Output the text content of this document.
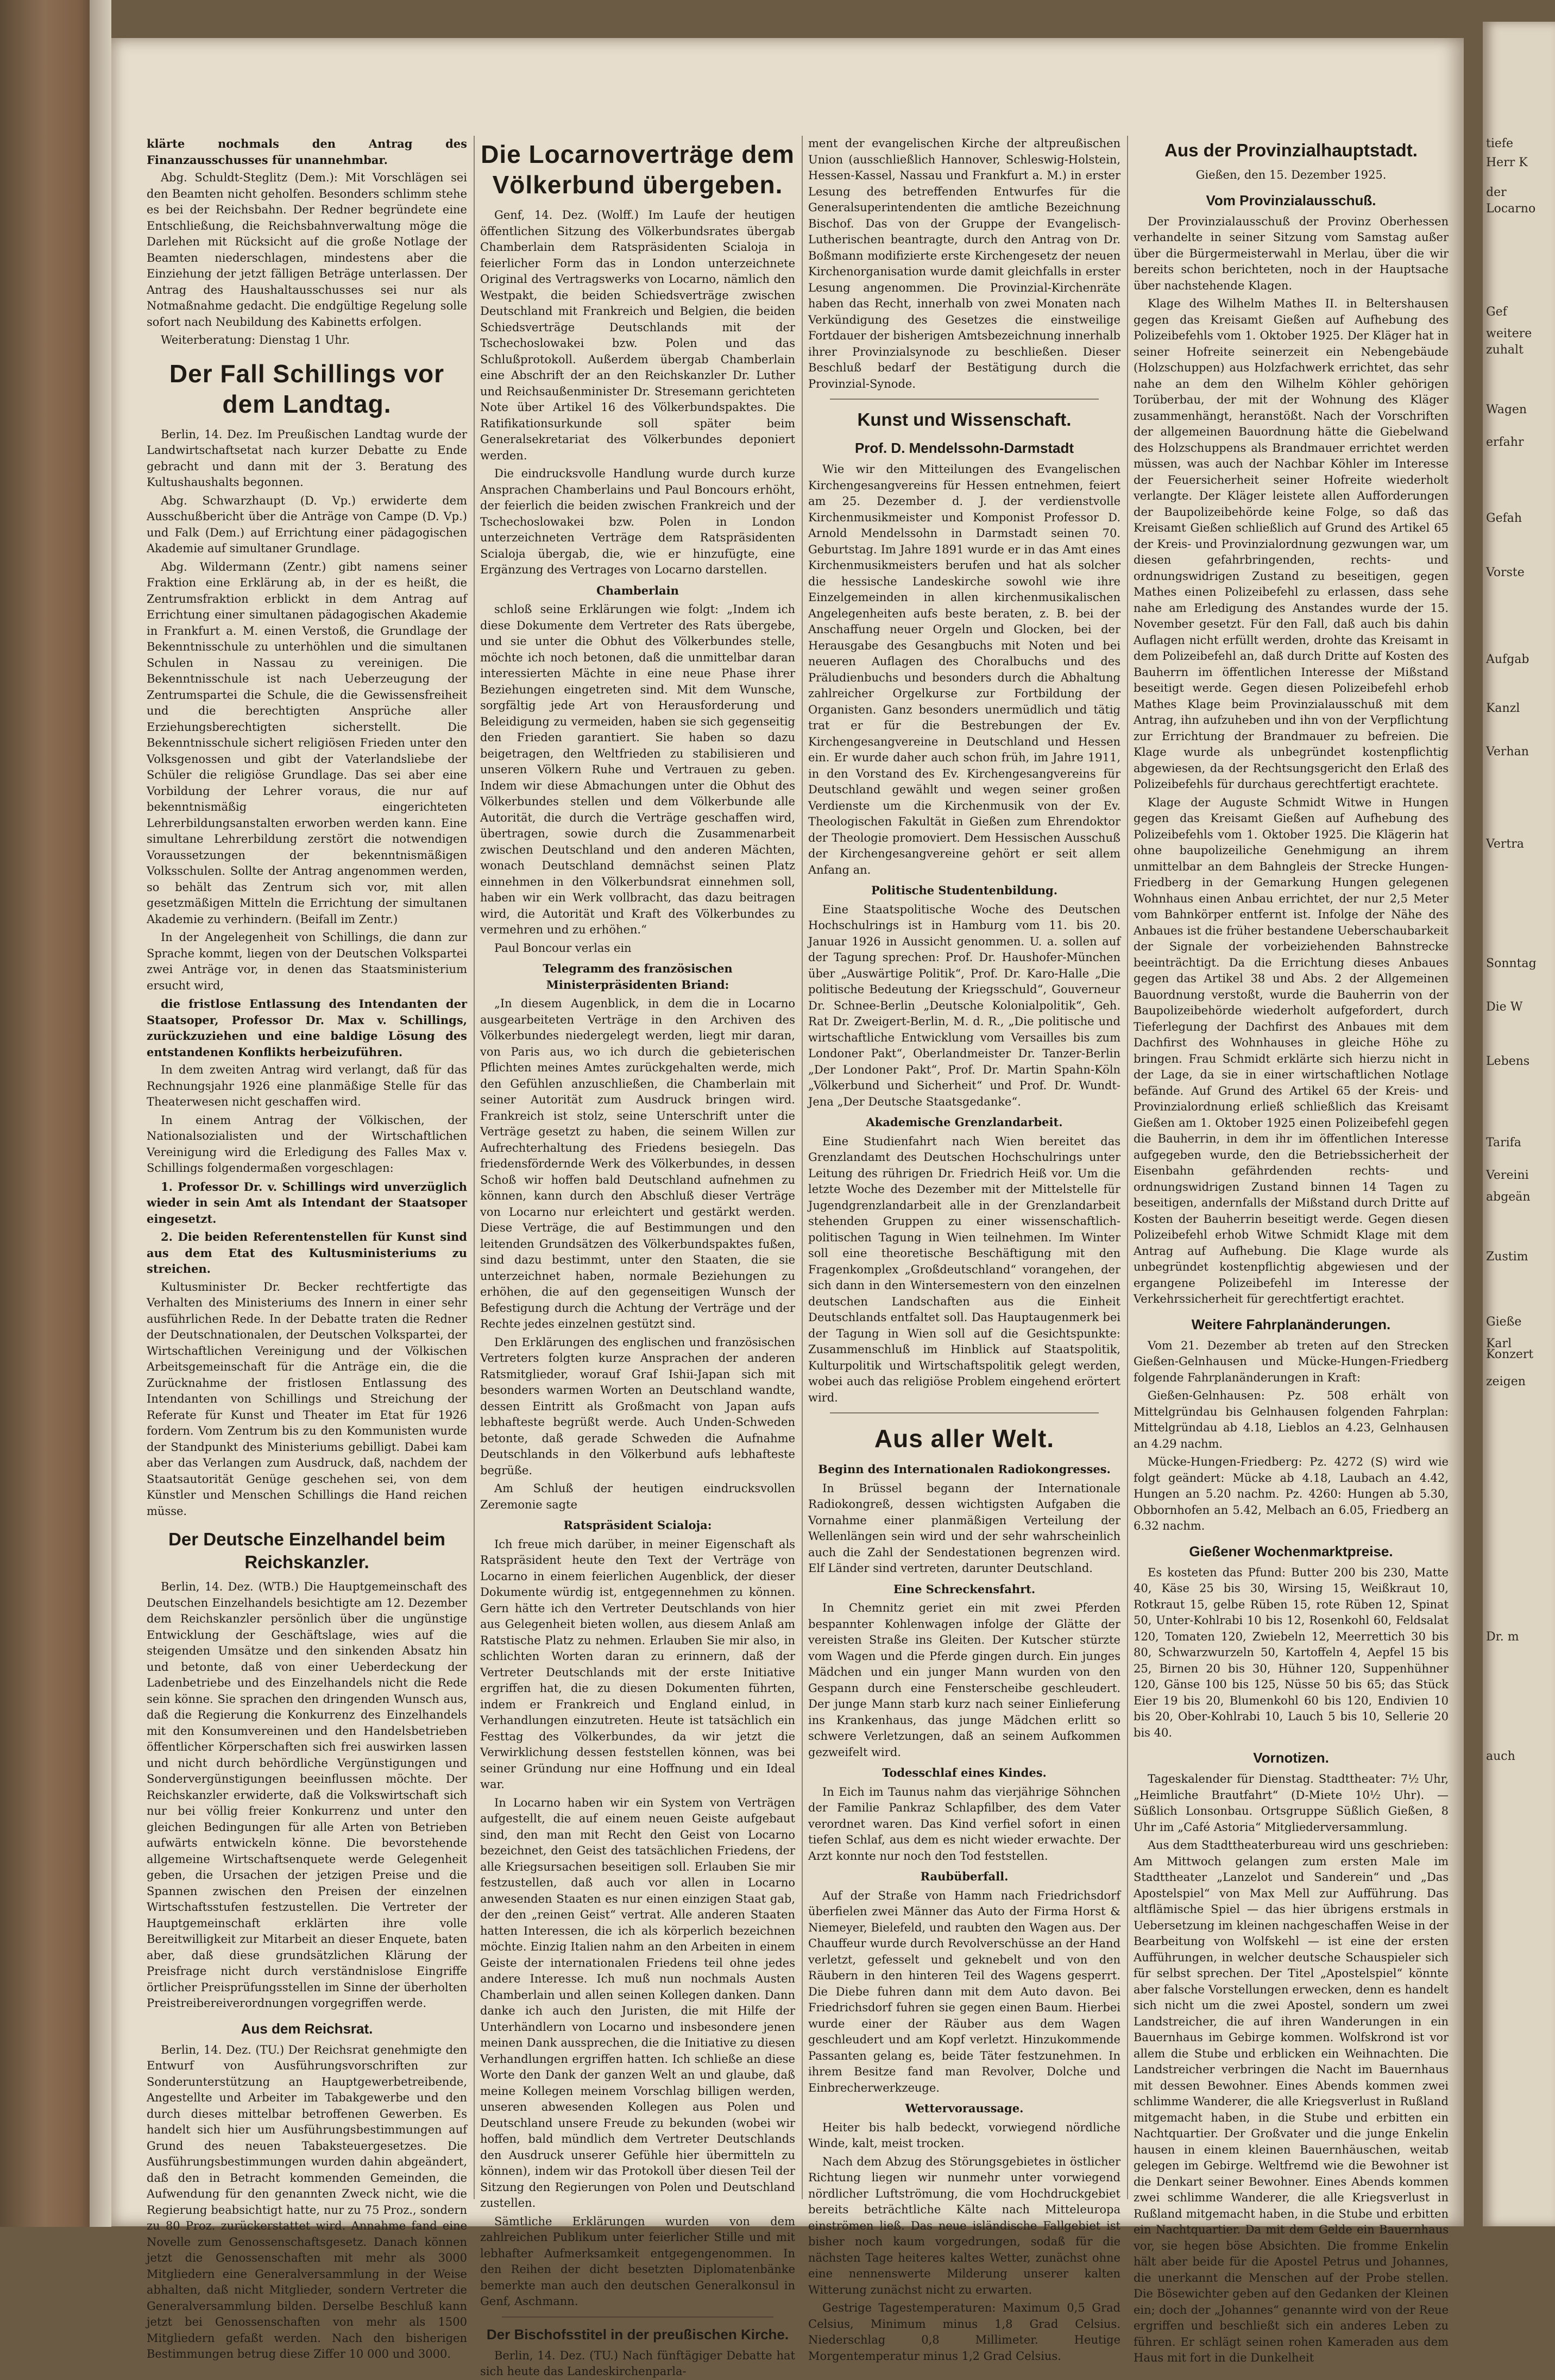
klärte nochmals den Antrag des Finanzausschusses für unannehmbar.

Abg. Schuldt-Steglitz (Dem.): Mit Vorschlägen sei den Beamten nicht geholfen. Besonders schlimm stehe es bei der Reichsbahn. Der Redner begründete eine Entschließung, die Reichsbahnverwaltung möge die Darlehen mit Rücksicht auf die große Notlage der Beamten niederschlagen, mindestens aber die Einziehung der jetzt fälligen Beträge unterlassen. Der Antrag des Haushaltausschusses sei nur als Notmaßnahme gedacht. Die endgültige Regelung solle sofort nach Neubildung des Kabinetts erfolgen.

Weiterberatung: Dienstag 1 Uhr.

Der Fall Schillings vor dem Landtag.

Berlin, 14. Dez. Im Preußischen Landtag wurde der Landwirtschaftsetat nach kurzer Debatte zu Ende gebracht und dann mit der 3. Beratung des Kultushaushalts begonnen.

Abg. Schwarzhaupt (D. Vp.) erwiderte dem Ausschußbericht über die Anträge von Campe (D. Vp.) und Falk (Dem.) auf Errichtung einer pädagogischen Akademie auf simultaner Grundlage.

Abg. Wildermann (Zentr.) gibt namens seiner Fraktion eine Erklärung ab, in der es heißt, die Zentrumsfraktion erblickt in dem Antrag auf Errichtung einer simultanen pädagogischen Akademie in Frankfurt a. M. einen Verstoß, die Grundlage der Bekenntnisschule zu unterhöhlen und die simultanen Schulen in Nassau zu vereinigen. Die Bekenntnisschule ist nach Ueberzeugung der Zentrumspartei die Schule, die die Gewissensfreiheit und die berechtigten Ansprüche aller Erziehungsberechtigten sicherstellt. Die Bekenntnisschule sichert religiösen Frieden unter den Volksgenossen und gibt der Vaterlandsliebe der Schüler die religiöse Grundlage. Das sei aber eine Vorbildung der Lehrer voraus, die nur auf bekenntnismäßig eingerichteten Lehrerbildungsanstalten erworben werden kann. Eine simultane Lehrerbildung zerstört die notwendigen Voraussetzungen der bekenntnismäßigen Volksschulen. Sollte der Antrag angenommen werden, so behält das Zentrum sich vor, mit allen gesetzmäßigen Mitteln die Errichtung der simultanen Akademie zu verhindern. (Beifall im Zentr.)

In der Angelegenheit von Schillings, die dann zur Sprache kommt, liegen von der Deutschen Volkspartei zwei Anträge vor, in denen das Staatsministerium ersucht wird,

die fristlose Entlassung des Intendanten der Staatsoper, Professor Dr. Max v. Schillings, zurückzuziehen und eine baldige Lösung des entstandenen Konflikts herbeizuführen.

In dem zweiten Antrag wird verlangt, daß für das Rechnungsjahr 1926 eine planmäßige Stelle für das Theaterwesen nicht geschaffen wird.

In einem Antrag der Völkischen, der Nationalsozialisten und der Wirtschaftlichen Vereinigung wird die Erledigung des Falles Max v. Schillings folgendermaßen vorgeschlagen:

1. Professor Dr. v. Schillings wird unverzüglich wieder in sein Amt als Intendant der Staatsoper eingesetzt.

2. Die beiden Referentenstellen für Kunst sind aus dem Etat des Kultusministeriums zu streichen.

Kultusminister Dr. Becker rechtfertigte das Verhalten des Ministeriums des Innern in einer sehr ausführlichen Rede. In der Debatte traten die Redner der Deutschnationalen, der Deutschen Volkspartei, der Wirtschaftlichen Vereinigung und der Völkischen Arbeitsgemeinschaft für die Anträge ein, die die Zurücknahme der fristlosen Entlassung des Intendanten von Schillings und Streichung der Referate für Kunst und Theater im Etat für 1926 fordern. Vom Zentrum bis zu den Kommunisten wurde der Standpunkt des Ministeriums gebilligt. Dabei kam aber das Verlangen zum Ausdruck, daß, nachdem der Staatsautorität Genüge geschehen sei, von dem Künstler und Menschen Schillings die Hand reichen müsse.

Der Deutsche Einzelhandel beim Reichskanzler.

Berlin, 14. Dez. (WTB.) Die Hauptgemeinschaft des Deutschen Einzelhandels besichtigte am 12. Dezember dem Reichskanzler persönlich über die ungünstige Entwicklung der Geschäftslage, wies auf die steigenden Umsätze und den sinkenden Absatz hin und betonte, daß von einer Ueberdeckung der Ladenbetriebe und des Einzelhandels nicht die Rede sein könne. Sie sprachen den dringenden Wunsch aus, daß die Regierung die Konkurrenz des Einzelhandels mit den Konsumvereinen und den Handelsbetrieben öffentlicher Körperschaften sich frei auswirken lassen und nicht durch behördliche Vergünstigungen und Sondervergünstigungen beeinflussen möchte. Der Reichskanzler erwiderte, daß die Volkswirtschaft sich nur bei völlig freier Konkurrenz und unter den gleichen Bedingungen für alle Arten von Betrieben aufwärts entwickeln könne. Die bevorstehende allgemeine Wirtschaftsenquete werde Gelegenheit geben, die Ursachen der jetzigen Preise und die Spannen zwischen den Preisen der einzelnen Wirtschaftsstufen festzustellen. Die Vertreter der Hauptgemeinschaft erklärten ihre volle Bereitwilligkeit zur Mitarbeit an dieser Enquete, baten aber, daß diese grundsätzlichen Klärung der Preisfrage nicht durch verständnislose Eingriffe örtlicher Preisprüfungsstellen im Sinne der überholten Preistreibereiverordnungen vorgegriffen werde.

Aus dem Reichsrat.

Berlin, 14. Dez. (TU.) Der Reichsrat genehmigte den Entwurf von Ausführungsvorschriften zur Sonderunterstützung an Hauptgewerbetreibende, Angestellte und Arbeiter im Tabakgewerbe und den durch dieses mittelbar betroffenen Gewerben. Es handelt sich hier um Ausführungsbestimmungen auf Grund des neuen Tabaksteuergesetzes. Die Ausführungsbestimmungen wurden dahin abgeändert, daß den in Betracht kommenden Gemeinden, die Aufwendung für den genannten Zweck nicht, wie die Regierung beabsichtigt hatte, nur zu 75 Proz., sondern zu 80 Proz. zurückerstattet wird. Annahme fand eine Novelle zum Genossenschaftsgesetz. Danach können jetzt die Genossenschaften mit mehr als 3000 Mitgliedern eine Generalversammlung in der Weise abhalten, daß nicht Mitglieder, sondern Vertreter die Generalversammlung bilden. Derselbe Beschluß kann jetzt bei Genossenschaften von mehr als 1500 Mitgliedern gefaßt werden. Nach den bisherigen Bestimmungen betrug diese Ziffer 10 000 und 3000.

Die Locarnoverträge dem Völkerbund übergeben.

Genf, 14. Dez. (Wolff.) Im Laufe der heutigen öffentlichen Sitzung des Völkerbundsrates übergab Chamberlain dem Ratspräsidenten Scialoja in feierlicher Form das in London unterzeichnete Original des Vertragswerks von Locarno, nämlich den Westpakt, die beiden Schiedsverträge zwischen Deutschland mit Frankreich und Belgien, die beiden Schiedsverträge Deutschlands mit der Tschechoslowakei bzw. Polen und das Schlußprotokoll. Außerdem übergab Chamberlain eine Abschrift der an den Reichskanzler Dr. Luther und Reichsaußenminister Dr. Stresemann gerichteten Note über Artikel 16 des Völkerbundspaktes. Die Ratifikationsurkunde soll später beim Generalsekretariat des Völkerbundes deponiert werden.

Die eindrucksvolle Handlung wurde durch kurze Ansprachen Chamberlains und Paul Boncours erhöht, der feierlich die beiden zwischen Frankreich und der Tschechoslowakei bzw. Polen in London unterzeichneten Verträge dem Ratspräsidenten Scialoja übergab, die, wie er hinzufügte, eine Ergänzung des Vertrages von Locarno darstellen.

Chamberlain

schloß seine Erklärungen wie folgt: „Indem ich diese Dokumente dem Vertreter des Rats übergebe, und sie unter die Obhut des Völkerbundes stelle, möchte ich noch betonen, daß die unmittelbar daran interessierten Mächte in eine neue Phase ihrer Beziehungen eingetreten sind. Mit dem Wunsche, sorgfältig jede Art von Herausforderung und Beleidigung zu vermeiden, haben sie sich gegenseitig den Frieden garantiert. Sie haben so dazu beigetragen, den Weltfrieden zu stabilisieren und unseren Völkern Ruhe und Vertrauen zu geben. Indem wir diese Abmachungen unter die Obhut des Völkerbundes stellen und dem Völkerbunde alle Autorität, die durch die Verträge geschaffen wird, übertragen, sowie durch die Zusammenarbeit zwischen Deutschland und den anderen Mächten, wonach Deutschland demnächst seinen Platz einnehmen in den Völkerbundsrat einnehmen soll, haben wir ein Werk vollbracht, das dazu beitragen wird, die Autorität und Kraft des Völkerbundes zu vermehren und zu erhöhen.“

Paul Boncour verlas ein

Telegramm des französischen Ministerpräsidenten Briand:

„In diesem Augenblick, in dem die in Locarno ausgearbeiteten Verträge in den Archiven des Völkerbundes niedergelegt werden, liegt mir daran, von Paris aus, wo ich durch die gebieterischen Pflichten meines Amtes zurückgehalten werde, mich den Gefühlen anzuschließen, die Chamberlain mit seiner Autorität zum Ausdruck bringen wird. Frankreich ist stolz, seine Unterschrift unter die Verträge gesetzt zu haben, die seinem Willen zur Aufrechterhaltung des Friedens besiegeln. Das friedensfördernde Werk des Völkerbundes, in dessen Schoß wir hoffen bald Deutschland aufnehmen zu können, kann durch den Abschluß dieser Verträge von Locarno nur erleichtert und gestärkt werden. Diese Verträge, die auf Bestimmungen und den leitenden Grundsätzen des Völkerbundspaktes fußen, sind dazu bestimmt, unter den Staaten, die sie unterzeichnet haben, normale Beziehungen zu erhöhen, die auf den gegenseitigen Wunsch der Befestigung durch die Achtung der Verträge und der Rechte jedes einzelnen gestützt sind.

Den Erklärungen des englischen und französischen Vertreters folgten kurze Ansprachen der anderen Ratsmitglieder, worauf Graf Ishii-Japan sich mit besonders warmen Worten an Deutschland wandte, dessen Eintritt als Großmacht von Japan aufs lebhafteste begrüßt werde. Auch Unden-Schweden betonte, daß gerade Schweden die Aufnahme Deutschlands in den Völkerbund aufs lebhafteste begrüße.

Am Schluß der heutigen eindrucksvollen Zeremonie sagte

Ratspräsident Scialoja:

Ich freue mich darüber, in meiner Eigenschaft als Ratspräsident heute den Text der Verträge von Locarno in einem feierlichen Augenblick, der dieser Dokumente würdig ist, entgegennehmen zu können. Gern hätte ich den Vertreter Deutschlands von hier aus Gelegenheit bieten wollen, aus diesem Anlaß am Ratstische Platz zu nehmen. Erlauben Sie mir also, in schlichten Worten daran zu erinnern, daß der Vertreter Deutschlands mit der erste Initiative ergriffen hat, die zu diesen Dokumenten führten, indem er Frankreich und England einlud, in Verhandlungen einzutreten. Heute ist tatsächlich ein Festtag des Völkerbundes, da wir jetzt die Verwirklichung dessen feststellen können, was bei seiner Gründung nur eine Hoffnung und ein Ideal war.

In Locarno haben wir ein System von Verträgen aufgestellt, die auf einem neuen Geiste aufgebaut sind, den man mit Recht den Geist von Locarno bezeichnet, den Geist des tatsächlichen Friedens, der alle Kriegsursachen beseitigen soll. Erlauben Sie mir festzustellen, daß auch vor allen in Locarno anwesenden Staaten es nur einen einzigen Staat gab, der den „reinen Geist“ vertrat. Alle anderen Staaten hatten Interessen, die ich als körperlich bezeichnen möchte. Einzig Italien nahm an den Arbeiten in einem Geiste der internationalen Friedens teil ohne jedes andere Interesse. Ich muß nun nochmals Austen Chamberlain und allen seinen Kollegen danken. Dann danke ich auch den Juristen, die mit Hilfe der Unterhändlern von Locarno und insbesondere jenen meinen Dank aussprechen, die die Initiative zu diesen Verhandlungen ergriffen hatten. Ich schließe an diese Worte den Dank der ganzen Welt an und glaube, daß meine Kollegen meinem Vorschlag billigen werden, unseren abwesenden Kollegen aus Polen und Deutschland unsere Freude zu bekunden (wobei wir hoffen, bald mündlich dem Vertreter Deutschlands den Ausdruck unserer Gefühle hier übermitteln zu können), indem wir das Protokoll über diesen Teil der Sitzung den Regierungen von Polen und Deutschland zustellen.

Sämtliche Erklärungen wurden von dem zahlreichen Publikum unter feierlicher Stille und mit lebhafter Aufmerksamkeit entgegengenommen. In den Reihen der dicht besetzten Diplomatenbänke bemerkte man auch den deutschen Generalkonsul in Genf, Aschmann.

Der Bischofsstitel in der preußischen Kirche.

Berlin, 14. Dez. (TU.) Nach fünftägiger Debatte hat sich heute das Landeskirchenparla-

ment der evangelischen Kirche der altpreußischen Union (ausschließlich Hannover, Schleswig-Holstein, Hessen-Kassel, Nassau und Frankfurt a. M.) in erster Lesung des betreffenden Entwurfes für die Generalsuperintendenten die amtliche Bezeichnung Bischof. Das von der Gruppe der Evangelisch-Lutherischen beantragte, durch den Antrag von Dr. Boßmann modifizierte erste Kirchengesetz der neuen Kirchenorganisation wurde damit gleichfalls in erster Lesung angenommen. Die Provinzial-Kirchenräte haben das Recht, innerhalb von zwei Monaten nach Verkündigung des Gesetzes die einstweilige Fortdauer der bisherigen Amtsbezeichnung innerhalb ihrer Provinzialsynode zu beschließen. Dieser Beschluß bedarf der Bestätigung durch die Provinzial-Synode.

Kunst und Wissenschaft.
Prof. D. Mendelssohn-Darmstadt

Wie wir den Mitteilungen des Evangelischen Kirchengesangvereins für Hessen entnehmen, feiert am 25. Dezember d. J. der verdienstvolle Kirchenmusikmeister und Komponist Professor D. Arnold Mendelssohn in Darmstadt seinen 70. Geburtstag. Im Jahre 1891 wurde er in das Amt eines Kirchenmusikmeisters berufen und hat als solcher die hessische Landeskirche sowohl wie ihre Einzelgemeinden in allen kirchenmusikalischen Angelegenheiten aufs beste beraten, z. B. bei der Anschaffung neuer Orgeln und Glocken, bei der Herausgabe des Gesangbuchs mit Noten und bei neueren Auflagen des Choralbuchs und des Präludienbuchs und besonders durch die Abhaltung zahlreicher Orgelkurse zur Fortbildung der Organisten. Ganz besonders unermüdlich und tätig trat er für die Bestrebungen der Ev. Kirchengesangvereine in Deutschland und Hessen ein. Er wurde daher auch schon früh, im Jahre 1911, in den Vorstand des Ev. Kirchengesangvereins für Deutschland gewählt und wegen seiner großen Verdienste um die Kirchenmusik von der Ev. Theologischen Fakultät in Gießen zum Ehrendoktor der Theologie promoviert. Dem Hessischen Ausschuß der Kirchengesangvereine gehört er seit allem Anfang an.

Politische Studentenbildung.

Eine Staatspolitische Woche des Deutschen Hochschulrings ist in Hamburg vom 11. bis 20. Januar 1926 in Aussicht genommen. U. a. sollen auf der Tagung sprechen: Prof. Dr. Haushofer-München über „Auswärtige Politik“, Prof. Dr. Karo-Halle „Die politische Bedeutung der Kriegsschuld“, Gouverneur Dr. Schnee-Berlin „Deutsche Kolonialpolitik“, Geh. Rat Dr. Zweigert-Berlin, M. d. R., „Die politische und wirtschaftliche Entwicklung vom Versailles bis zum Londoner Pakt“, Oberlandmeister Dr. Tanzer-Berlin „Der Londoner Pakt“, Prof. Dr. Martin Spahn-Köln „Völkerbund und Sicherheit“ und Prof. Dr. Wundt-Jena „Der Deutsche Staatsgedanke“.

Akademische Grenzlandarbeit.

Eine Studienfahrt nach Wien bereitet das Grenzlandamt des Deutschen Hochschulrings unter Leitung des rührigen Dr. Friedrich Heiß vor. Um die letzte Woche des Dezember mit der Mittelstelle für Jugendgrenzlandarbeit alle in der Grenzlandarbeit stehenden Gruppen zu einer wissenschaftlich-politischen Tagung in Wien teilnehmen. Im Winter soll eine theoretische Beschäftigung mit den Fragenkomplex „Großdeutschland“ vorangehen, der sich dann in den Wintersemestern von den einzelnen deutschen Landschaften aus die Einheit Deutschlands entfaltet soll. Das Hauptaugenmerk bei der Tagung in Wien soll auf die Gesichtspunkte: Zusammenschluß im Hinblick auf Staatspolitik, Kulturpolitik und Wirtschaftspolitik gelegt werden, wobei auch das religiöse Problem eingehend erörtert wird.

Aus aller Welt.
Beginn des Internationalen Radiokongresses.

In Brüssel begann der Internationale Radiokongreß, dessen wichtigsten Aufgaben die Vornahme einer planmäßigen Verteilung der Wellenlängen sein wird und der sehr wahrscheinlich auch die Zahl der Sendestationen begrenzen wird. Elf Länder sind vertreten, darunter Deutschland.

Eine Schreckensfahrt.

In Chemnitz geriet ein mit zwei Pferden bespannter Kohlenwagen infolge der Glätte der vereisten Straße ins Gleiten. Der Kutscher stürzte vom Wagen und die Pferde gingen durch. Ein junges Mädchen und ein junger Mann wurden von den Gespann durch eine Fensterscheibe geschleudert. Der junge Mann starb kurz nach seiner Einlieferung ins Krankenhaus, das junge Mädchen erlitt so schwere Verletzungen, daß an seinem Aufkommen gezweifelt wird.

Todesschlaf eines Kindes.

In Eich im Taunus nahm das vierjährige Söhnchen der Familie Pankraz Schlapfilber, des dem Vater verordnet waren. Das Kind verfiel sofort in einen tiefen Schlaf, aus dem es nicht wieder erwachte. Der Arzt konnte nur noch den Tod feststellen.

Raubüberfall.

Auf der Straße von Hamm nach Friedrichsdorf überfielen zwei Männer das Auto der Firma Horst & Niemeyer, Bielefeld, und raubten den Wagen aus. Der Chauffeur wurde durch Revolverschüsse an der Hand verletzt, gefesselt und geknebelt und von den Räubern in den hinteren Teil des Wagens gesperrt. Die Diebe fuhren dann mit dem Auto davon. Bei Friedrichsdorf fuhren sie gegen einen Baum. Hierbei wurde einer der Räuber aus dem Wagen geschleudert und am Kopf verletzt. Hinzukommende Passanten gelang es, beide Täter festzunehmen. In ihrem Besitze fand man Revolver, Dolche und Einbrecherwerkzeuge.

Wettervoraussage.

Heiter bis halb bedeckt, vorwiegend nördliche Winde, kalt, meist trocken.

Nach dem Abzug des Störungsgebietes in östlicher Richtung liegen wir nunmehr unter vorwiegend nördlicher Luftströmung, die vom Hochdruckgebiet bereits beträchtliche Kälte nach Mitteleuropa einströmen ließ. Das neue isländische Fallgebiet ist bisher noch kaum vorgedrungen, sodaß für die nächsten Tage heiteres kaltes Wetter, zunächst ohne eine nennenswerte Milderung unserer kalten Witterung zunächst nicht zu erwarten.

Gestrige Tagestemperaturen: Maximum 0,5 Grad Celsius, Minimum minus 1,8 Grad Celsius. Niederschlag 0,8 Millimeter. Heutige Morgentemperatur minus 1,2 Grad Celsius.

Aus der Provinzialhauptstadt.
Gießen, den 15. Dezember 1925.
Vom Provinzialausschuß.

Der Provinzialausschuß der Provinz Oberhessen verhandelte in seiner Sitzung vom Samstag außer über die Bürgermeisterwahl in Merlau, über die wir bereits schon berichteten, noch in der Hauptsache über nachstehende Klagen.

Klage des Wilhelm Mathes II. in Beltershausen gegen das Kreisamt Gießen auf Aufhebung des Polizeibefehls vom 1. Oktober 1925. Der Kläger hat in seiner Hofreite seinerzeit ein Nebengebäude (Holzschuppen) aus Holzfachwerk errichtet, das sehr nahe an dem den Wilhelm Köhler gehörigen Torüberbau, der mit der Wohnung des Kläger zusammenhängt, heranstößt. Nach der Vorschriften der allgemeinen Bauordnung hätte die Giebelwand des Holzschuppens als Brandmauer errichtet werden müssen, was auch der Nachbar Köhler im Interesse der Feuersicherheit seiner Hofreite wiederholt verlangte. Der Kläger leistete allen Aufforderungen der Baupolizeibehörde keine Folge, so daß das Kreisamt Gießen schließlich auf Grund des Artikel 65 der Kreis- und Provinzialordnung gezwungen war, um diesen gefahrbringenden, rechts- und ordnungswidrigen Zustand zu beseitigen, gegen Mathes einen Polizeibefehl zu erlassen, dass sehe nahe am Erledigung des Anstandes wurde der 15. November gesetzt. Für den Fall, daß auch bis dahin Auflagen nicht erfüllt werden, drohte das Kreisamt in dem Polizeibefehl an, daß durch Dritte auf Kosten des Bauherrn im öffentlichen Interesse der Mißstand beseitigt werde. Gegen diesen Polizeibefehl erhob Mathes Klage beim Provinzialausschuß mit dem Antrag, ihn aufzuheben und ihn von der Verpflichtung zur Errichtung der Brandmauer zu befreien. Die Klage wurde als unbegründet kostenpflichtig abgewiesen, da der Rechtsungsgericht den Erlaß des Polizeibefehls für durchaus gerechtfertigt erachtete.

Klage der Auguste Schmidt Witwe in Hungen gegen das Kreisamt Gießen auf Aufhebung des Polizeibefehls vom 1. Oktober 1925. Die Klägerin hat ohne baupolizeiliche Genehmigung an ihrem unmittelbar an dem Bahngleis der Strecke Hungen-Friedberg in der Gemarkung Hungen gelegenen Wohnhaus einen Anbau errichtet, der nur 2,5 Meter vom Bahnkörper entfernt ist. Infolge der Nähe des Anbaues ist die früher bestandene Ueberschaubarkeit der Signale der vorbeiziehenden Bahnstrecke beeinträchtigt. Da die Errichtung dieses Anbaues gegen das Artikel 38 und Abs. 2 der Allgemeinen Bauordnung verstoßt, wurde die Bauherrin von der Baupolizeibehörde wiederholt aufgefordert, durch Tieferlegung der Dachfirst des Anbaues mit dem Dachfirst des Wohnhauses in gleiche Höhe zu bringen. Frau Schmidt erklärte sich hierzu nicht in der Lage, da sie in einer wirtschaftlichen Notlage befände. Auf Grund des Artikel 65 der Kreis- und Provinzialordnung erließ schließlich das Kreisamt Gießen am 1. Oktober 1925 einen Polizeibefehl gegen die Bauherrin, in dem ihr im öffentlichen Interesse aufgegeben wurde, den die Betriebssicherheit der Eisenbahn gefährdenden rechts- und ordnungswidrigen Zustand binnen 14 Tagen zu beseitigen, andernfalls der Mißstand durch Dritte auf Kosten der Bauherrin beseitigt werde. Gegen diesen Polizeibefehl erhob Witwe Schmidt Klage mit dem Antrag auf Aufhebung. Die Klage wurde als unbegründet kostenpflichtig abgewiesen und der ergangene Polizeibefehl im Interesse der Verkehrssicherheit für gerechtfertigt erachtet.

Weitere Fahrplanänderungen.

Vom 21. Dezember ab treten auf den Strecken Gießen-Gelnhausen und Mücke-Hungen-Friedberg folgende Fahrplanänderungen in Kraft:

Gießen-Gelnhausen: Pz. 508 erhält von Mittelgründau bis Gelnhausen folgenden Fahrplan: Mittelgründau ab 4.18, Lieblos an 4.23, Gelnhausen an 4.29 nachm.

Mücke-Hungen-Friedberg: Pz. 4272 (S) wird wie folgt geändert: Mücke ab 4.18, Laubach an 4.42, Hungen an 5.20 nachm. Pz. 4260: Hungen ab 5.30, Obbornhofen an 5.42, Melbach an 6.05, Friedberg an 6.32 nachm.

Gießener Wochenmarktpreise.

Es kosteten das Pfund: Butter 200 bis 230, Matte 40, Käse 25 bis 30, Wirsing 15, Weißkraut 10, Rotkraut 15, gelbe Rüben 15, rote Rüben 12, Spinat 50, Unter-Kohlrabi 10 bis 12, Rosenkohl 60, Feldsalat 120, Tomaten 120, Zwiebeln 12, Meerrettich 30 bis 80, Schwarzwurzeln 50, Kartoffeln 4, Aepfel 15 bis 25, Birnen 20 bis 30, Hühner 120, Suppenhühner 120, Gänse 100 bis 125, Nüsse 50 bis 65; das Stück Eier 19 bis 20, Blumenkohl 60 bis 120, Endivien 10 bis 20, Ober-Kohlrabi 10, Lauch 5 bis 10, Sellerie 20 bis 40.

Vornotizen.

Tageskalender für Dienstag. Stadttheater: 7½ Uhr, „Heimliche Brautfahrt“ (D-Miete 10½ Uhr). — Süßlich Lonsonbau. Ortsgruppe Süßlich Gießen, 8 Uhr im „Café Astoria“ Mitgliederversammlung.

Aus dem Stadttheaterbureau wird uns geschrieben: Am Mittwoch gelangen zum ersten Male im Stadttheater „Lanzelot und Sanderein“ und „Das Apostelspiel“ von Max Mell zur Aufführung. Das altflämische Spiel — das hier übrigens erstmals in Uebersetzung im kleinen nachgeschaffen Weise in der Bearbeitung von Wolfskehl — ist eine der ersten Aufführungen, in welcher deutsche Schauspieler sich für selbst sprechen. Der Titel „Apostelspiel“ könnte aber falsche Vorstellungen erwecken, denn es handelt sich nicht um die zwei Apostel, sondern um zwei Landstreicher, die auf ihren Wanderungen in ein Bauernhaus im Gebirge kommen. Wolfskrond ist vor allem die Stube und erblicken ein Weihnachten. Die Landstreicher verbringen die Nacht im Bauernhaus mit dessen Bewohner. Eines Abends kommen zwei schlimme Wanderer, die alle Kriegsverlust in Rußland mitgemacht haben, in die Stube und erbitten ein Nachtquartier. Der Großvater und die junge Enkelin hausen in einem kleinen Bauernhäuschen, weitab gelegen im Gebirge. Weltfremd wie die Bewohner ist die Denkart seiner Bewohner. Eines Abends kommen zwei schlimme Wanderer, die alle Kriegsverlust in Rußland mitgemacht haben, in die Stube und erbitten ein Nachtquartier. Da mit dem Gelde ein Bauernhaus vor, sie hegen böse Absichten. Die fromme Enkelin hält aber beide für die Apostel Petrus und Johannes, die unerkannt die Menschen auf der Probe stellen. Die Bösewichter geben auf den Gedanken der Kleinen ein; doch der „Johannes“ genannte wird von der Reue ergriffen und beschließt sich ein anderes Leben zu führen. Er schlägt seinen rohen Kameraden aus dem Haus mit fort in die Dunkelheit

tiefe
Herr K
der
Locarno
Gef
weitere
zuhalt
Wagen
erfahr
Gefah
Vorste
Aufgab
Kanzl
Verhan
Vertra
Sonntag
Die W
Lebens
Tarifa
Vereini
abgeän
Zustim
Gieße
Karl
Konzert
zeigen
Dr. m
auch
